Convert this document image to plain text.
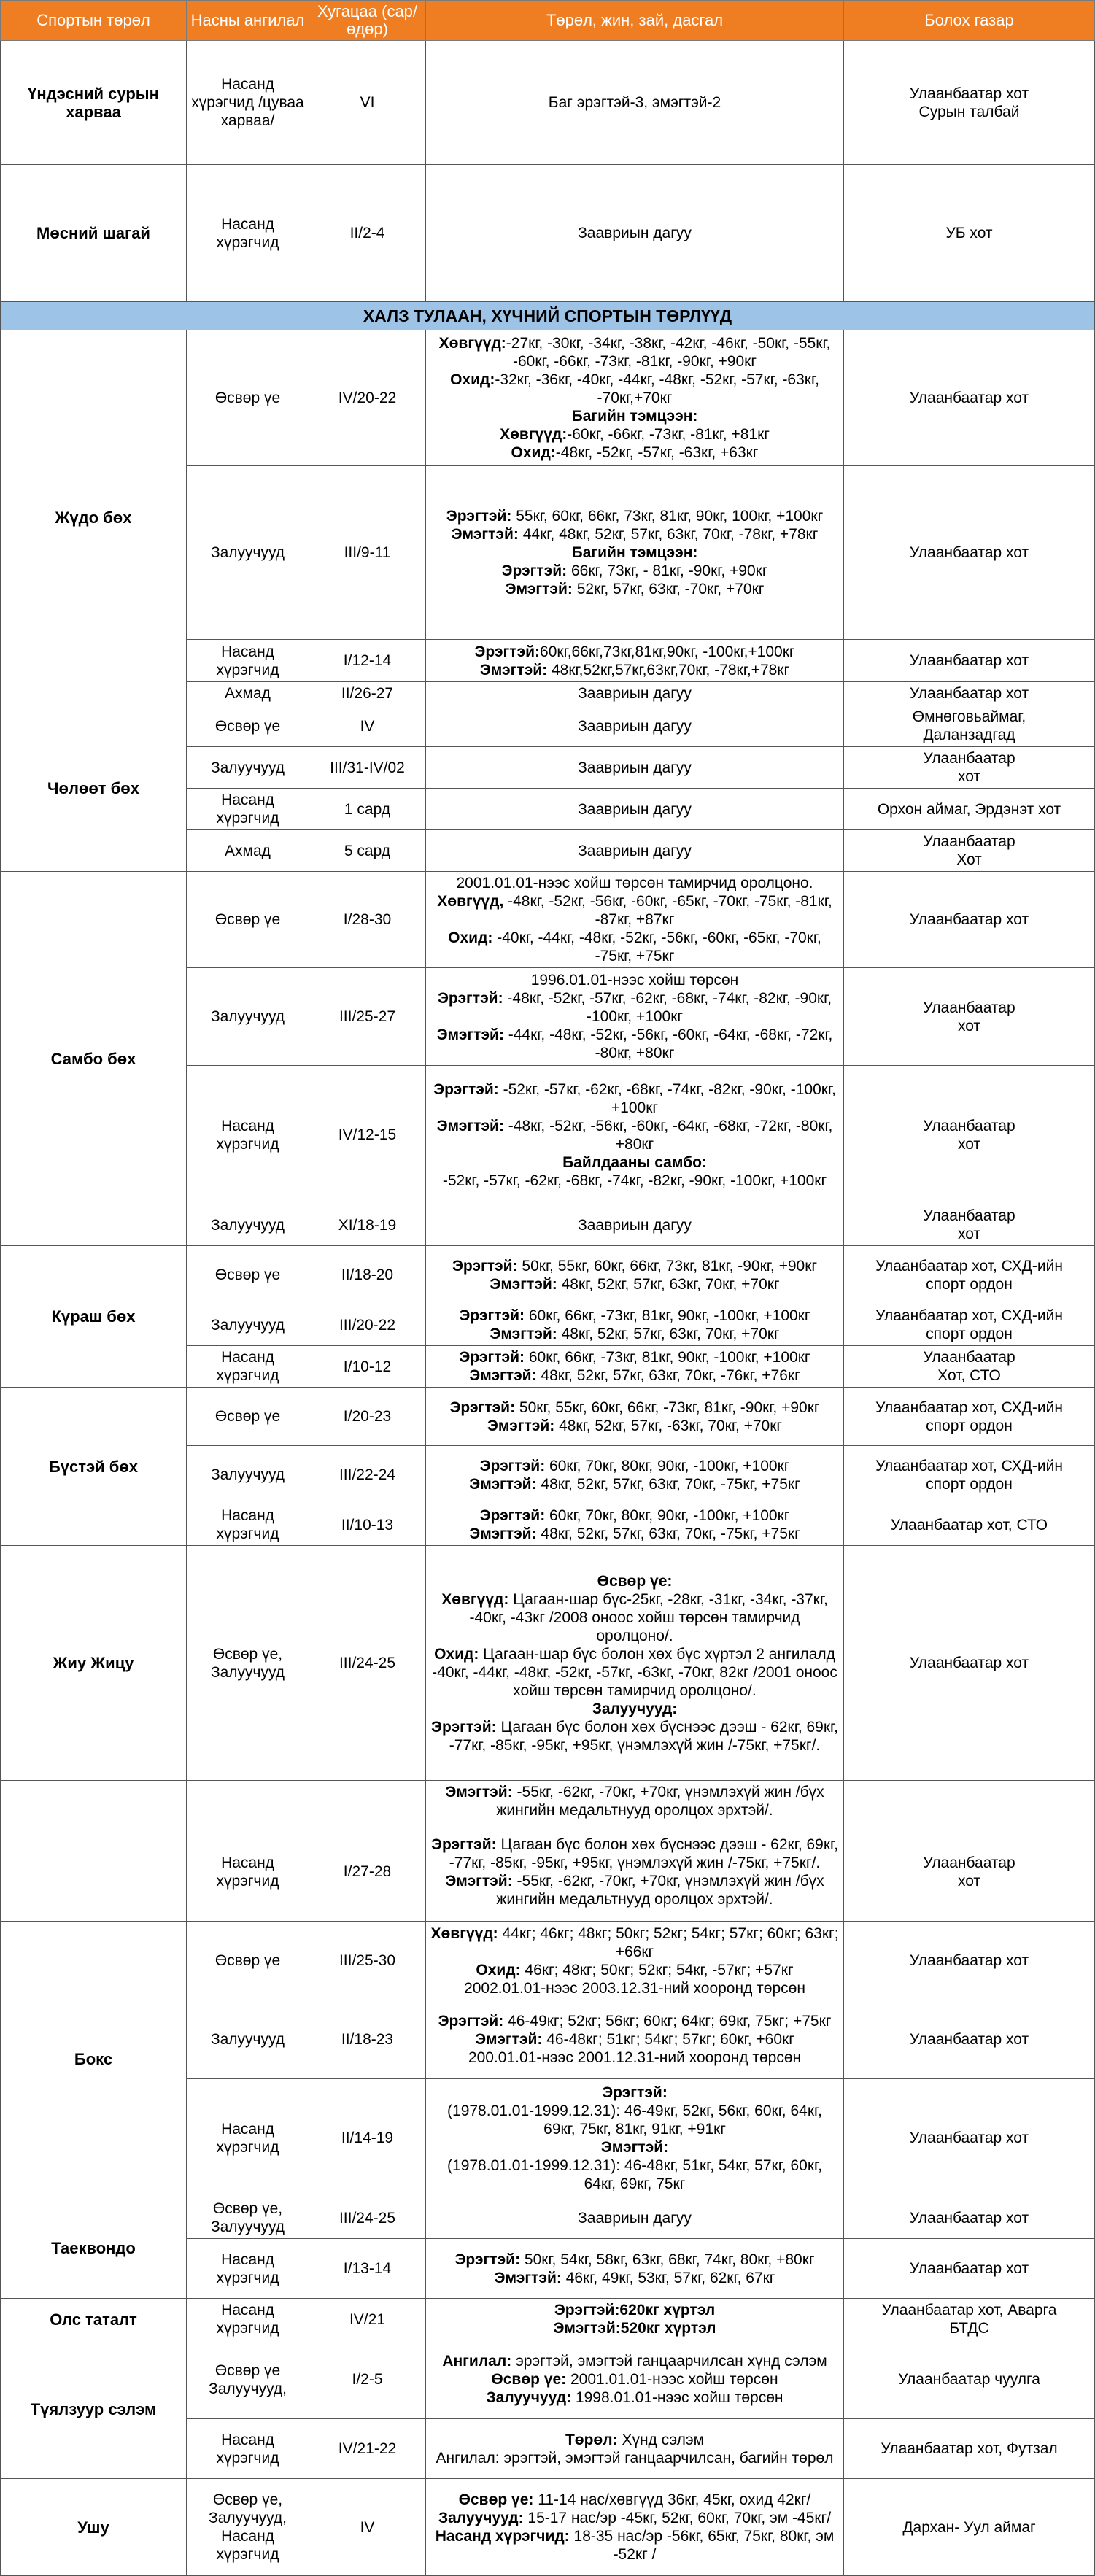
Спортын төрөл	Насны ангилал	Хугацаа (сар/өдөр)	Төрөл, жин, зай, дасгал	Болох газар

Үндэсний сурын харваа	Насанд хүрэгчид /цуваа харваа/	VI	Баг эрэгтэй-3, эмэгтэй-2	Улаанбаатар хот
Сурын талбай

Мөсний шагай	Насанд хүрэгчид	II/2-4	Заавриын дагуу	УБ хот

ХАЛЗ ТУЛААН, ХҮЧНИЙ СПОРТЫН ТӨРЛҮҮД				

Жүдо бөх	Өсвөр үе	IV/20-22	Хөвгүүд:-27кг, -30кг, -34кг, -38кг, -42кг, -46кг, -50кг, -55кг, -60кг, -66кг, -73кг, -81кг, -90кг, +90кг
Охид:-32кг, -36кг, -40кг, -44кг, -48кг, -52кг, -57кг, -63кг, -70кг,+70кг
Багийн тэмцээн:
Хөвгүүд:-60кг, -66кг, -73кг, -81кг, +81кг
Охид:-48кг, -52кг, -57кг, -63кг, +63кг	Улаанбаатар хот

	Залуучууд	III/9-11	Эрэгтэй: 55кг, 60кг, 66кг, 73кг, 81кг, 90кг, 100кг, +100кг
Эмэгтэй: 44кг, 48кг, 52кг, 57кг, 63кг, 70кг, -78кг, +78кг
Багийн тэмцээн:
Эрэгтэй: 66кг, 73кг, - 81кг, -90кг, +90кг
Эмэгтэй: 52кг, 57кг, 63кг, -70кг, +70кг	Улаанбаатар хот

	Насанд хүрэгчид	I/12-14	Эрэгтэй:60кг,66кг,73кг,81кг,90кг, -100кг,+100кг
Эмэгтэй: 48кг,52кг,57кг,63кг,70кг, -78кг,+78кг	Улаанбаатар хот

	Ахмад	II/26-27	Заавриын дагуу	Улаанбаатар хот

Чөлөөт бөх	Өсвөр үе	IV	Заавриын дагуу	Өмнөговьаймаг,
Даланзадгад

	Залуучууд	III/31-IV/02	Заавриын дагуу	Улаанбаатар
хот

	Насанд хүрэгчид	1 сард	Заавриын дагуу	Орхон аймаг, Эрдэнэт хот

	Ахмад	5 сард	Заавриын дагуу	Улаанбаатар
Хот

Самбо бөх	Өсвөр үе	I/28-30	2001.01.01-нээс хойш төрсөн тамирчид оролцоно.
Хөвгүүд, -48кг, -52кг, -56кг, -60кг, -65кг, -70кг, -75кг, -81кг, -87кг, +87кг
Охид: -40кг, -44кг, -48кг, -52кг, -56кг, -60кг, -65кг, -70кг, -75кг, +75кг	Улаанбаатар хот

	Залуучууд	III/25-27	1996.01.01-нээс хойш төрсөн
Эрэгтэй: -48кг, -52кг, -57кг, -62кг, -68кг, -74кг, -82кг, -90кг, -100кг, +100кг
Эмэгтэй: -44кг, -48кг, -52кг, -56кг, -60кг, -64кг, -68кг, -72кг, -80кг, +80кг	Улаанбаатар
хот

	Насанд хүрэгчид	IV/12-15	Эрэгтэй: -52кг, -57кг, -62кг, -68кг, -74кг, -82кг, -90кг, -100кг, +100кг
Эмэгтэй: -48кг, -52кг, -56кг, -60кг, -64кг, -68кг, -72кг, -80кг, +80кг
Байлдааны самбо:
-52кг, -57кг, -62кг, -68кг, -74кг, -82кг, -90кг, -100кг, +100кг	Улаанбаатар
хот

	Залуучууд	XI/18-19	Заавриын дагуу	Улаанбаатар
хот

Күраш бөх	Өсвөр үе	II/18-20	Эрэгтэй: 50кг, 55кг, 60кг, 66кг, 73кг, 81кг, -90кг, +90кг
Эмэгтэй: 48кг, 52кг, 57кг, 63кг, 70кг, +70кг	Улаанбаатар хот, СХД-ийн
спорт ордон

	Залуучууд	III/20-22	Эрэгтэй: 60кг, 66кг, -73кг, 81кг, 90кг, -100кг, +100кг
Эмэгтэй: 48кг, 52кг, 57кг, 63кг, 70кг, +70кг	Улаанбаатар хот, СХД-ийн
спорт ордон

	Насанд хүрэгчид	I/10-12	Эрэгтэй: 60кг, 66кг, -73кг, 81кг, 90кг, -100кг, +100кг
Эмэгтэй: 48кг, 52кг, 57кг, 63кг, 70кг, -76кг, +76кг	Улаанбаатар
Хот, СТО

Бүстэй бөх	Өсвөр үе	I/20-23	Эрэгтэй: 50кг, 55кг, 60кг, 66кг, -73кг, 81кг, -90кг, +90кг
Эмэгтэй: 48кг, 52кг, 57кг, -63кг, 70кг, +70кг	Улаанбаатар хот, СХД-ийн
спорт ордон

	Залуучууд	III/22-24	Эрэгтэй: 60кг, 70кг, 80кг, 90кг, -100кг, +100кг
Эмэгтэй: 48кг, 52кг, 57кг, 63кг, 70кг, -75кг, +75кг	Улаанбаатар хот, СХД-ийн
спорт ордон

	Насанд хүрэгчид	II/10-13	Эрэгтэй: 60кг, 70кг, 80кг, 90кг, -100кг, +100кг
Эмэгтэй: 48кг, 52кг, 57кг, 63кг, 70кг, -75кг, +75кг	Улаанбаатар хот, СТО

Жиу Жицу	Өсвөр үе,
Залуучууд	III/24-25	Өсвөр үе:
Хөвгүүд: Цагаан-шар бүс-25кг, -28кг, -31кг, -34кг, -37кг, -40кг, -43кг /2008 оноос хойш төрсөн тамирчид оролцоно/.
Охид: Цагаан-шар бүс болон хөх бүс хүртэл 2 ангилалд -40кг, -44кг, -48кг, -52кг, -57кг, -63кг, -70кг, 82кг /2001 оноос хойш төрсөн тамирчид оролцоно/.
Залуучууд:
Эрэгтэй: Цагаан бүс болон хөх бүснээс дээш - 62кг, 69кг, -77кг, -85кг, -95кг, +95кг, үнэмлэхүй жин /-75кг, +75кг/.	Улаанбаатар хот

			Эмэгтэй: -55кг, -62кг, -70кг, +70кг, үнэмлэхүй жин /бүх жингийн медальтнууд оролцох эрхтэй/.	

	Насанд хүрэгчид	I/27-28	Эрэгтэй: Цагаан бүс болон хөх бүснээс дээш - 62кг, 69кг, -77кг, -85кг, -95кг, +95кг, үнэмлэхүй жин /-75кг, +75кг/.
Эмэгтэй: -55кг, -62кг, -70кг, +70кг, үнэмлэхүй жин /бүх жингийн медальтнууд оролцох эрхтэй/.	Улаанбаатар
хот

Бокс	Өсвөр үе	III/25-30	Хөвгүүд: 44кг; 46кг; 48кг; 50кг; 52кг; 54кг; 57кг; 60кг; 63кг; +66кг
Охид: 46кг; 48кг; 50кг; 52кг; 54кг, -57кг; +57кг
2002.01.01-нээс 2003.12.31-ний хооронд төрсөн	Улаанбаатар хот

	Залуучууд	II/18-23	Эрэгтэй: 46-49кг; 52кг; 56кг; 60кг; 64кг; 69кг, 75кг; +75кг
Эмэгтэй: 46-48кг; 51кг; 54кг; 57кг; 60кг, +60кг
200.01.01-нээс 2001.12.31-ний хооронд төрсөн	Улаанбаатар хот

	Насанд хүрэгчид	II/14-19	Эрэгтэй:
(1978.01.01-1999.12.31): 46-49кг, 52кг, 56кг, 60кг, 64кг, 69кг, 75кг, 81кг, 91кг, +91кг
Эмэгтэй:
(1978.01.01-1999.12.31): 46-48кг, 51кг, 54кг, 57кг, 60кг, 64кг, 69кг, 75кг	Улаанбаатар хот

Таеквондо	Өсвөр үе,
Залуучууд	III/24-25	Заавриын дагуу	Улаанбаатар хот

	Насанд хүрэгчид	I/13-14	Эрэгтэй: 50кг, 54кг, 58кг, 63кг, 68кг, 74кг, 80кг, +80кг
Эмэгтэй: 46кг, 49кг, 53кг, 57кг, 62кг, 67кг	Улаанбаатар хот

Олс таталт	Насанд хүрэгчид	IV/21	Эрэгтэй:620кг хүртэл
Эмэгтэй:520кг хүртэл	Улаанбаатар хот, Аварга
БТДС

Түялзуур сэлэм	Өсвөр үе
Залуучууд,	I/2-5	Ангилал: эрэгтэй, эмэгтэй ганцаарчилсан хүнд сэлэм
Өсвөр үе: 2001.01.01-нээс хойш төрсөн
Залуучууд: 1998.01.01-нээс хойш төрсөн	Улаанбаатар чуулга

	Насанд хүрэгчид	IV/21-22	Төрөл: Хүнд сэлэм
Ангилал: эрэгтэй, эмэгтэй ганцаарчилсан, багийн төрөл	Улаанбаатар хот, Футзал

Ушу	Өсвөр үе,
Залуучууд,
Насанд хүрэгчид	IV	Өсвөр үе: 11-14 нас/хөвгүүд 36кг, 45кг, охид 42кг/
Залуучууд: 15-17 нас/эр -45кг, 52кг, 60кг, 70кг, эм -45кг/
Насанд хүрэгчид: 18-35 нас/эр -56кг, 65кг, 75кг, 80кг, эм -52кг /	Дархан- Уул аймаг
